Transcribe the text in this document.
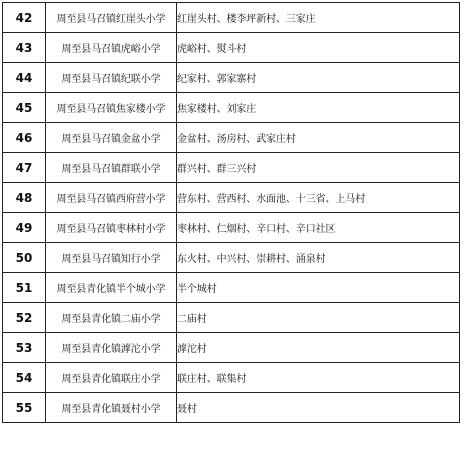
42	周至县马召镇红崖头小学	红崖头村、楼李坪新村、三家庄
43	周至县马召镇虎峪小学	虎峪村、熨斗村
44	周至县马召镇纪联小学	纪家村、郭家寨村
45	周至县马召镇焦家楼小学	焦家楼村、刘家庄
46	周至县马召镇金盆小学	金盆村、汤房村、武家庄村
47	周至县马召镇群联小学	群兴村、群三兴村
48	周至县马召镇西府营小学	营东村、营西村、水面池、十三省、上马村
49	周至县马召镇枣林村小学	枣林村、仁烟村、辛口村、辛口社区
50	周至县马召镇知行小学	东火村、中兴村、崇耕村、涌泉村
51	周至县青化镇半个城小学	半个城村
52	周至县青化镇二庙小学	二庙村
53	周至县青化镇滹沱小学	滹沱村
54	周至县青化镇联庄小学	联庄村、联集村
55	周至县青化镇聂村小学	聂村
